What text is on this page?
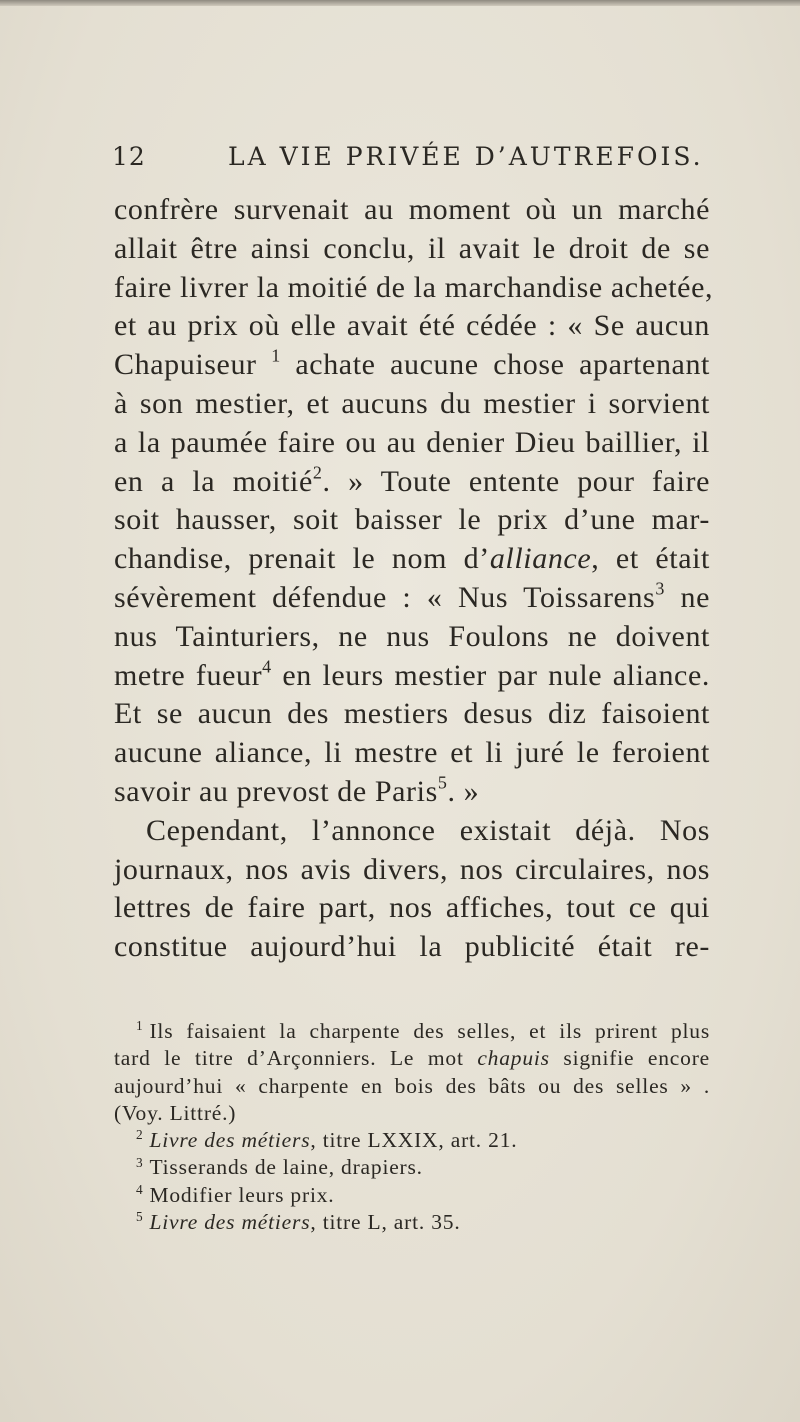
12	LA VIE PRIVÉE D’AUTREFOIS.
confrère survenait au moment où un marché
allait être ainsi conclu, il avait le droit de se
faire livrer la moitié de la marchandise achetée,
et au prix où elle avait été cédée : « Se aucun
Chapuiseur $^1$ achate aucune chose apartenant
à son mestier, et aucuns du mestier i sorvient
a la paumée faire ou au denier Dieu baillier, il
en a la moitié$^2$. » Toute entente pour faire
soit hausser, soit baisser le prix d’une mar-
chandise, prenait le nom d’alliance, et était
sévèrement défendue : « Nus Toissarens$^3$ ne
nus Tainturiers, ne nus Foulons ne doivent
metre fueur$^4$ en leurs mestier par nule aliance.
Et se aucun des mestiers desus diz faisoient
aucune aliance, li mestre et li juré le feroient
savoir au prevost de Paris$^5$. »
Cependant, l’annonce existait déjà. Nos
journaux, nos avis divers, nos circulaires, nos
lettres de faire part, nos affiches, tout ce qui
constitue aujourd’hui la publicité était re-
$^1$ Ils faisaient la charpente des selles, et ils prirent plus
tard le titre d’Arçonniers. Le mot chapuis signifie encore
aujourd’hui « charpente en bois des bâts ou des selles » .
(Voy. Littré.)
$^2$ Livre des métiers, titre LXXIX, art. 21.
$^3$ Tisserands de laine, drapiers.
$^4$ Modifier leurs prix.
$^5$ Livre des métiers, titre L, art. 35.
